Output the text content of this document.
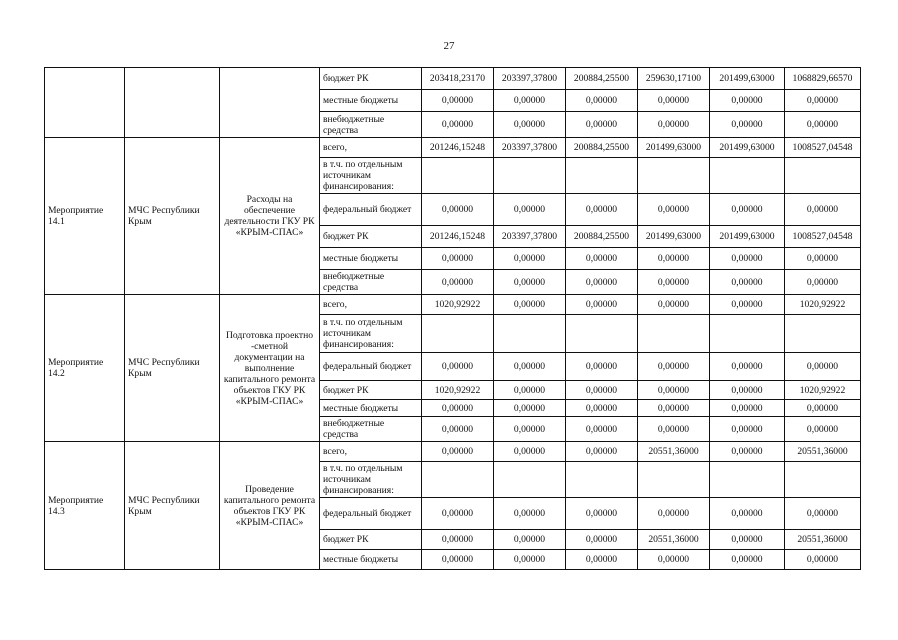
27
			бюджет РК	203418,23170	203397,37800	200884,25500	259630,17100	201499,63000	1068829,66570
			местные бюджеты	0,00000	0,00000	0,00000	0,00000	0,00000	0,00000
			внебюджетные средства	0,00000	0,00000	0,00000	0,00000	0,00000	0,00000
Мероприятие 14.1	МЧС Республики Крым	Расходы на обеспечение деятельности ГКУ РК «КРЫМ-СПАС»	всего,	201246,15248	203397,37800	200884,25500	201499,63000	201499,63000	1008527,04548
			в т.ч. по отдельным источникам финансирования:						
			федеральный бюджет	0,00000	0,00000	0,00000	0,00000	0,00000	0,00000
			бюджет РК	201246,15248	203397,37800	200884,25500	201499,63000	201499,63000	1008527,04548
			местные бюджеты	0,00000	0,00000	0,00000	0,00000	0,00000	0,00000
			внебюджетные средства	0,00000	0,00000	0,00000	0,00000	0,00000	0,00000
Мероприятие 14.2	МЧС Республики Крым	Подготовка проектно -сметной документации на выполнение капитального ремонта объектов ГКУ РК «КРЫМ-СПАС»	всего,	1020,92922	0,00000	0,00000	0,00000	0,00000	1020,92922
			в т.ч. по отдельным источникам финансирования:						
			федеральный бюджет	0,00000	0,00000	0,00000	0,00000	0,00000	0,00000
			бюджет РК	1020,92922	0,00000	0,00000	0,00000	0,00000	1020,92922
			местные бюджеты	0,00000	0,00000	0,00000	0,00000	0,00000	0,00000
			внебюджетные средства	0,00000	0,00000	0,00000	0,00000	0,00000	0,00000
Мероприятие 14.3	МЧС Республики Крым	Проведение капитального ремонта объектов ГКУ РК «КРЫМ-СПАС»	всего,	0,00000	0,00000	0,00000	20551,36000	0,00000	20551,36000
			в т.ч. по отдельным источникам финансирования:						
			федеральный бюджет	0,00000	0,00000	0,00000	0,00000	0,00000	0,00000
			бюджет РК	0,00000	0,00000	0,00000	20551,36000	0,00000	20551,36000
			местные бюджеты	0,00000	0,00000	0,00000	0,00000	0,00000	0,00000
